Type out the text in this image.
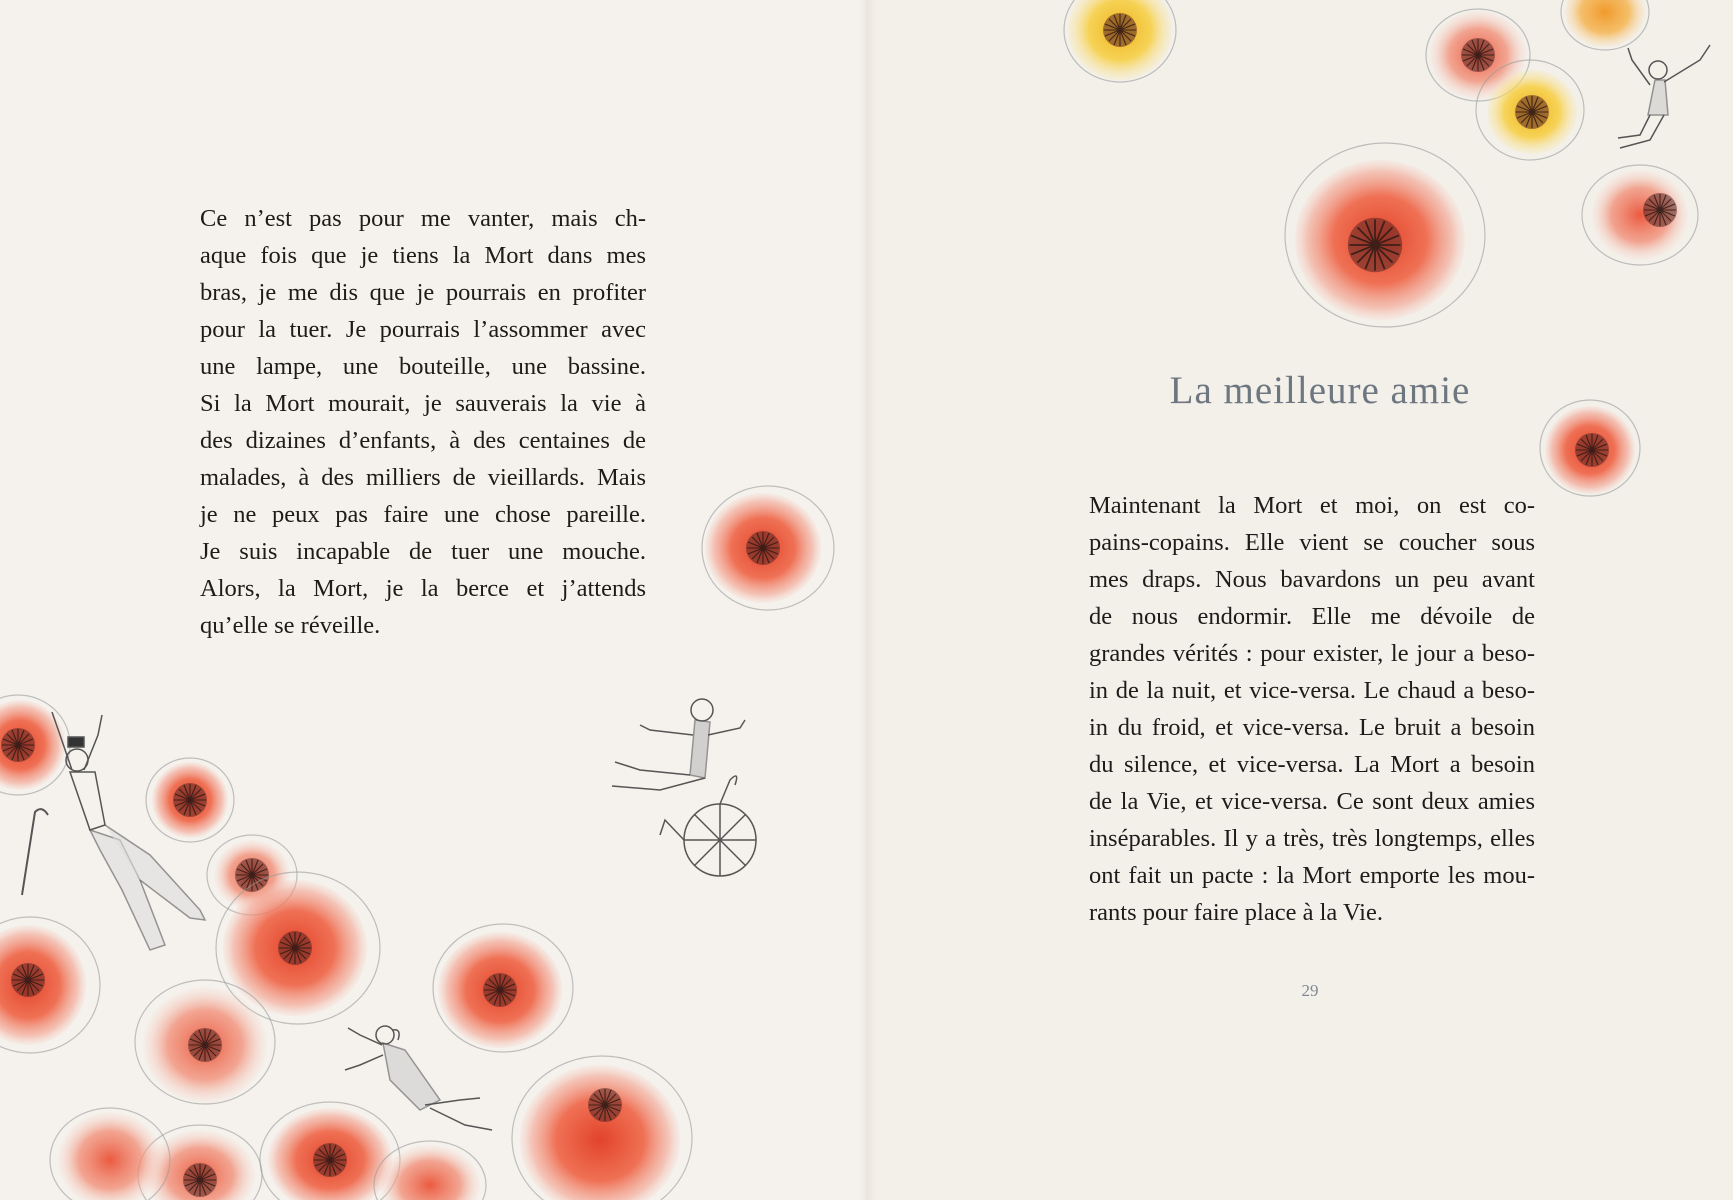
Ce n’est pas pour me vanter, mais ch-
aque fois que je tiens la Mort dans mes
bras, je me dis que je pourrais en profiter
pour la tuer. Je pourrais l’assommer avec
une lampe, une bouteille, une bassine.
Si la Mort mourait, je sauverais la vie à
des dizaines d’enfants, à des centaines de
malades, à des milliers de vieillards. Mais
je ne peux pas faire une chose pareille.
Je suis incapable de tuer une mouche.
Alors, la Mort, je la berce et j’attends
qu’elle se réveille.
La meilleure amie
Maintenant la Mort et moi, on est co-
pains-copains. Elle vient se coucher sous
mes draps. Nous bavardons un peu avant
de nous endormir. Elle me dévoile de
grandes vérités : pour exister, le jour a beso-
in de la nuit, et vice-versa. Le chaud a beso-
in du froid, et vice-versa. Le bruit a besoin
du silence, et vice-versa. La Mort a besoin
de la Vie, et vice-versa. Ce sont deux amies
inséparables. Il y a très, très longtemps, elles
ont fait un pacte : la Mort emporte les mou-
rants pour faire place à la Vie.
29
